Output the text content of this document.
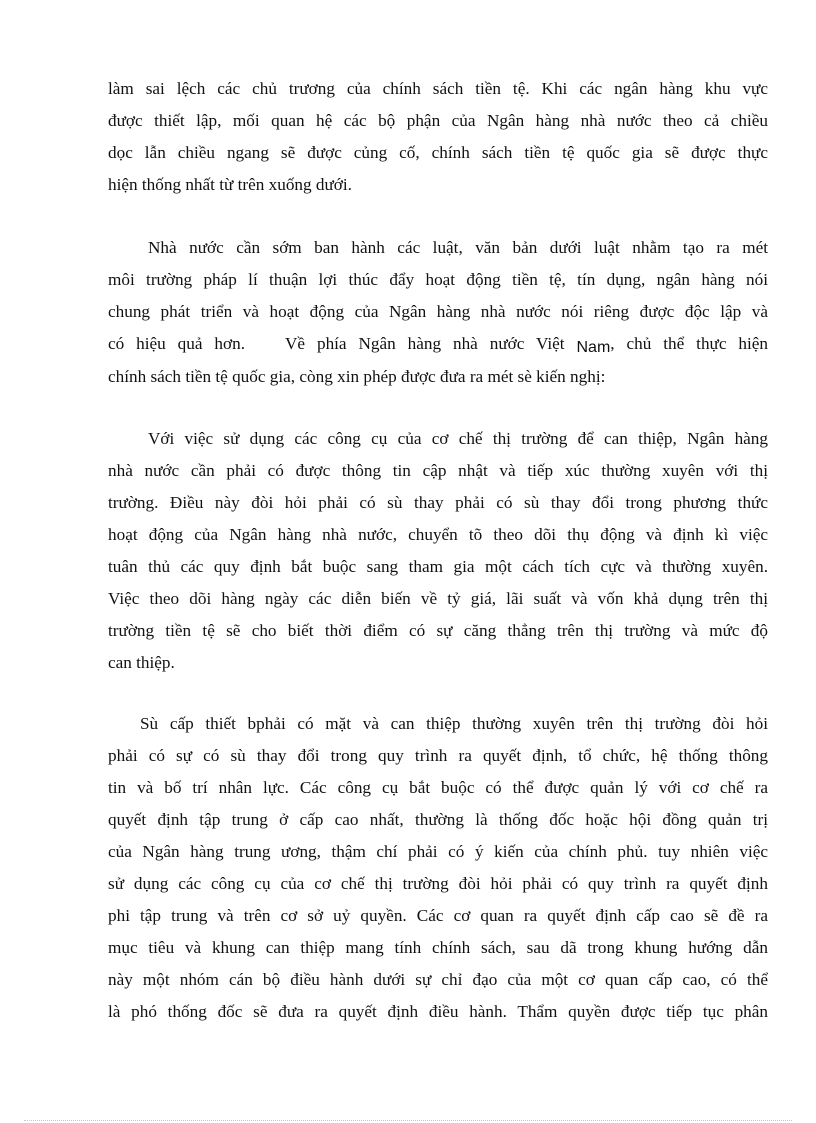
làm sai lệch các chủ trương của chính sách tiền tệ. Khi các ngân hàng khu vực
được thiết lập, mối quan hệ các bộ phận của Ngân hàng nhà nước theo cả chiều
dọc lẫn chiều ngang sẽ được củng cố, chính sách tiền tệ quốc gia sẽ được thực
hiện thống nhất từ trên xuống dưới.

Nhà nước cần sớm ban hành các luật, văn bản dưới luật nhằm tạo ra mét
môi trường pháp lí thuận lợi thúc đẩy hoạt động tiền tệ, tín dụng, ngân hàng nói
chung phát triển và hoạt động của Ngân hàng nhà nước nói riêng được độc lập và
có hiệu quả hơn. Về phía Ngân hàng nhà nước Việt Nam, chủ thể thực hiện
chính sách tiền tệ quốc gia, còng xin phép được đưa ra mét sè kiến nghị:

Với việc sử dụng các công cụ của cơ chế thị trường để can thiệp, Ngân hàng
nhà nước cần phải có được thông tin cập nhật và tiếp xúc thường xuyên với thị
trường. Điều này đòi hỏi phải có sù thay phải có sù thay đổi trong phương thức
hoạt động của Ngân hàng nhà nước, chuyển tõ theo dõi thụ động và định kì việc
tuân thủ các quy định bắt buộc sang tham gia một cách tích cực và thường xuyên.
Việc theo dõi hàng ngày các diễn biến về tỷ giá, lãi suất và vốn khả dụng trên thị
trường tiền tệ sẽ cho biết thời điểm có sự căng thẳng trên thị trường và mức độ
can thiệp.

Sù cấp thiết bphải có mặt và can thiệp thường xuyên trên thị trường đòi hỏi
phải có sự có sù thay đổi trong quy trình ra quyết định, tổ chức, hệ thống thông
tin và bố trí nhân lực. Các công cụ bắt buộc có thể được quản lý với cơ chế ra
quyết định tập trung ở cấp cao nhất, thường là thống đốc hoặc hội đồng quản trị
của Ngân hàng trung ương, thậm chí phải có ý kiến của chính phủ. tuy nhiên việc
sử dụng các công cụ của cơ chế thị trường đòi hỏi phải có quy trình ra quyết định
phi tập trung và trên cơ sở uỷ quyền. Các cơ quan ra quyết định cấp cao sẽ đề ra
mục tiêu và khung can thiệp mang tính chính sách, sau dã trong khung hướng dẫn
này một nhóm cán bộ điều hành dưới sự chỉ đạo của một cơ quan cấp cao, có thể
là phó thống đốc sẽ đưa ra quyết định điều hành. Thẩm quyền được tiếp tục phân
